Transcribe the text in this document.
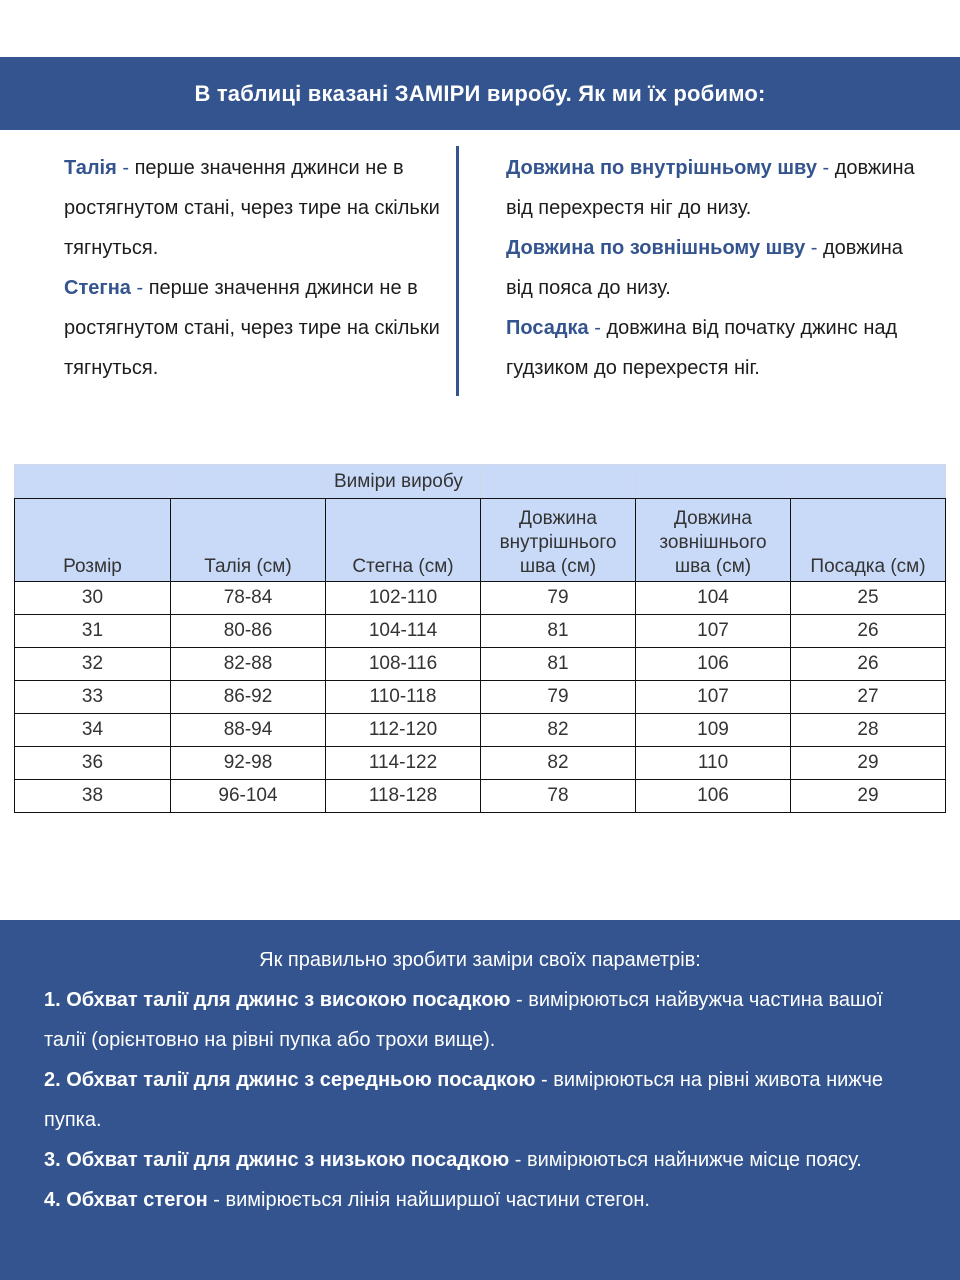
В таблиці вказані ЗАМІРИ виробу. Як ми їх робимо:

Талія - перше значення джинси не в ростягнутом стані, через тире на скільки тягнуться.

Стегна - перше значення джинси не в ростягнутом стані, через тире на скільки тягнуться.

Довжина по внутрішньому шву - довжина від перехрестя ніг до низу.

Довжина по зовнішньому шву - довжина від пояса до низу.

Посадка - довжина від початку джинс над гудзиком до перехрестя ніг.

		Виміри виробу			
Розмір	Талія (см)	Стегна (см)	Довжина
внутрішнього
шва (см)	Довжина
зовнішнього
шва (см)	Посадка (см)
30	78-84	102-110	79	104	25
31	80-86	104-114	81	107	26
32	82-88	108-116	81	106	26
33	86-92	110-118	79	107	27
34	88-94	112-120	82	109	28
36	92-98	114-122	82	110	29
38	96-104	118-128	78	106	29
Як правильно зробити заміри своїх параметрів:

1. Обхват талії для джинс з високою посадкою - вимірюються найвужча частина вашої талії (орієнтовно на рівні пупка або трохи вище).

2. Обхват талії для джинс з середньою посадкою - вимірюються на рівні живота нижче пупка.

3. Обхват талії для джинс з низькою посадкою - вимірюються найнижче місце поясу.

4. Обхват стегон - вимірюється лінія найширшої частини стегон.
